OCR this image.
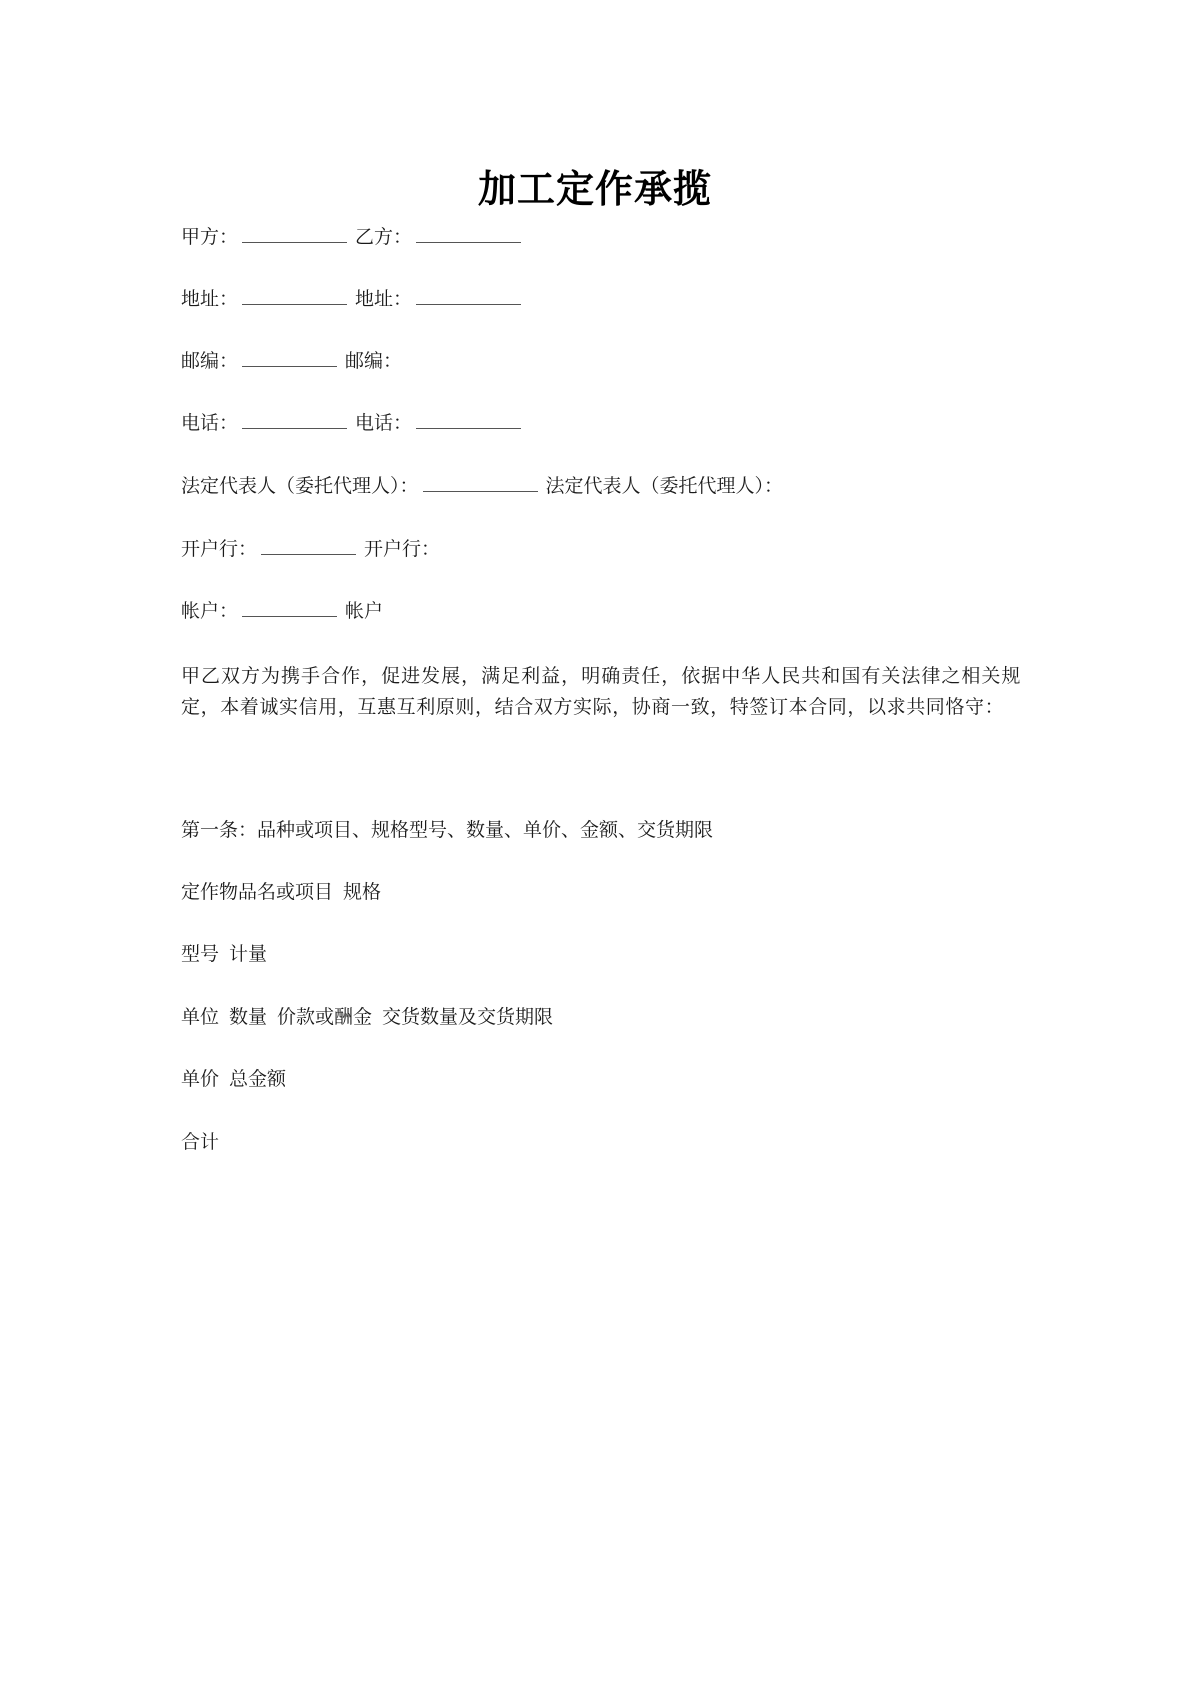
加工定作承揽
甲方：	乙方：
地址：	地址：
邮编：	邮编：
电话：	电话：
法定代表人（委托代理人）：	法定代表人（委托代理人）：
开户行：	开户行：
帐户：	帐户
甲乙双方为携手合作，促进发展，满足利益，明确责任，依据中华人民共和国有关法律之相关规定，本着诚实信用，互惠互利原则，结合双方实际，协商一致，特签订本合同，以求共同恪守：
第一条：品种或项目、规格型号、数量、单价、金额、交货期限
定作物品名或项目 规格
型号 计量
单位 数量 价款或酬金 交货数量及交货期限
单价 总金额
合计
